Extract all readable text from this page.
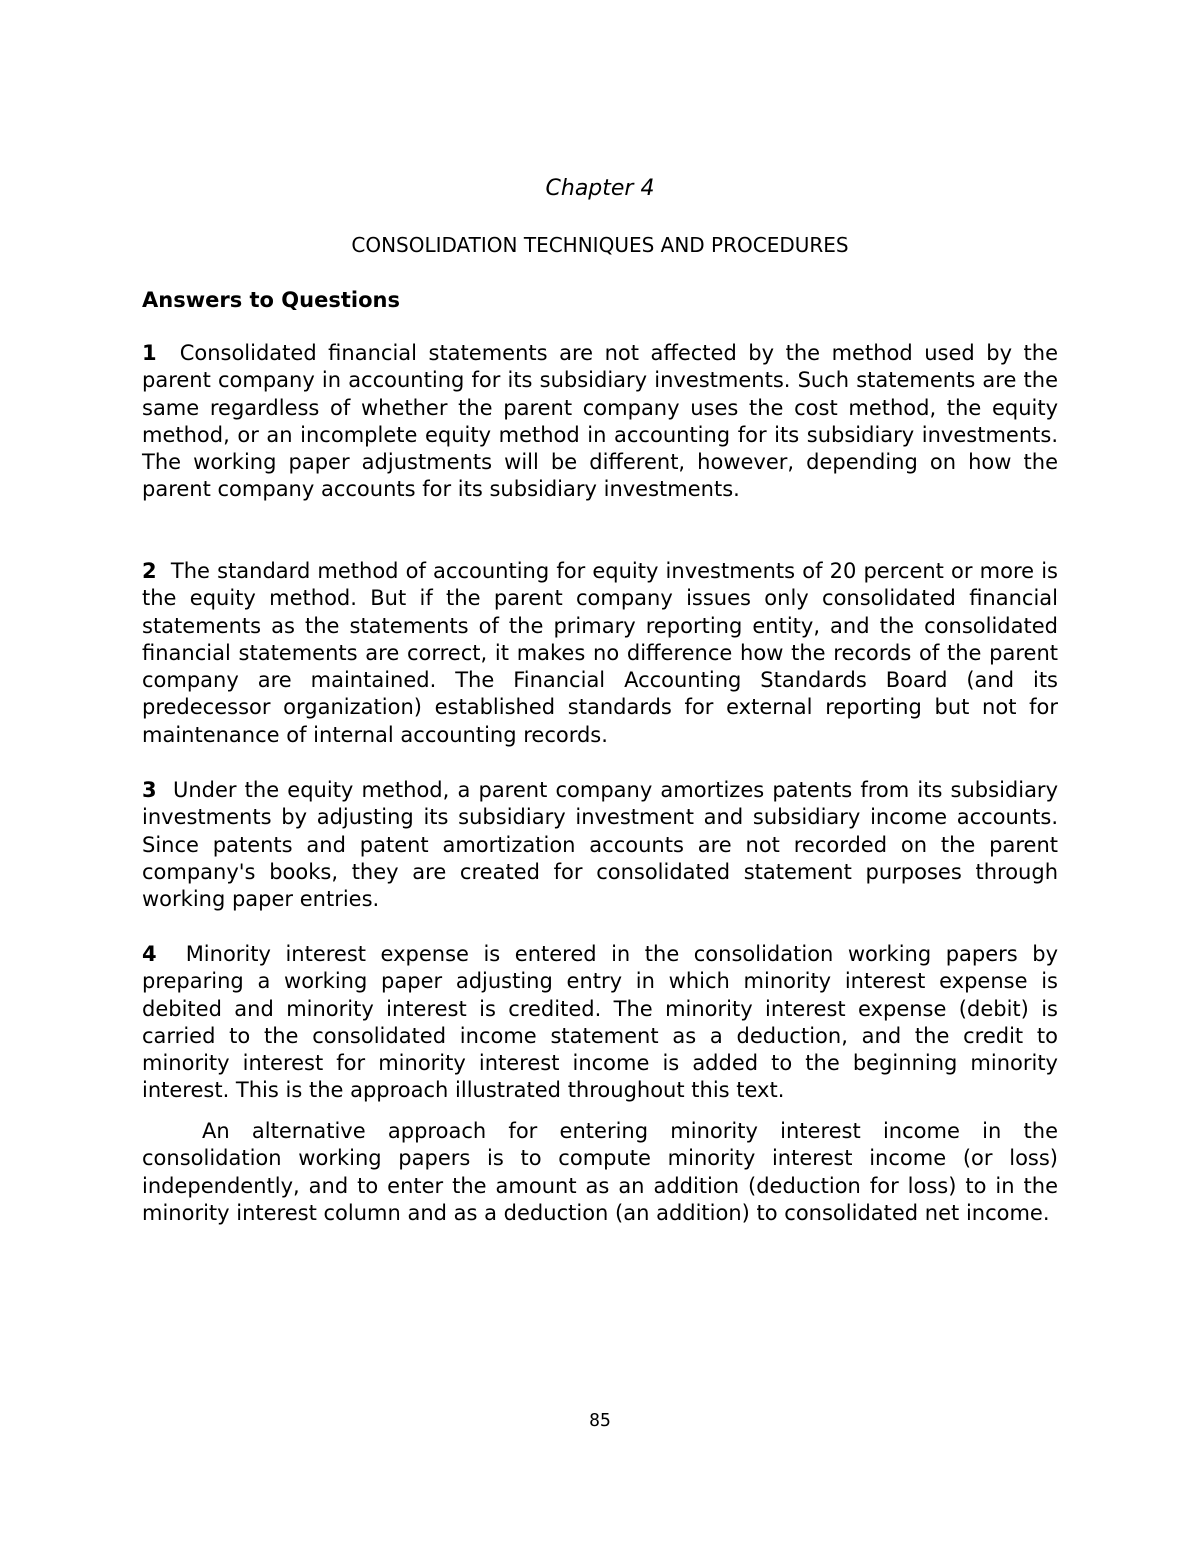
Chapter 4
CONSOLIDATION TECHNIQUES AND PROCEDURES
Answers to Questions

1 Consolidated financial statements are not affected by the method used by the parent company in accounting for its subsidiary investments. Such statements are the same regardless of whether the parent company uses the cost method, the equity method, or an incomplete equity method in accounting for its subsidiary investments. The working paper adjustments will be different, however, depending on how the parent company accounts for its subsidiary investments.

2 The standard method of accounting for equity investments of 20 percent or more is the equity method. But if the parent company issues only consolidated financial statements as the statements of the primary reporting entity, and the consolidated financial statements are correct, it makes no difference how the records of the parent company are maintained. The Financial Accounting Standards Board (and its predecessor organization) established standards for external reporting but not for maintenance of internal accounting records.

3 Under the equity method, a parent company amortizes patents from its subsidiary investments by adjusting its subsidiary investment and subsidiary income accounts. Since patents and patent amortization accounts are not recorded on the parent company's books, they are created for consolidated statement purposes through working paper entries.

4 Minority interest expense is entered in the consolidation working papers by preparing a working paper adjusting entry in which minority interest expense is debited and minority interest is credited. The minority interest expense (debit) is carried to the consolidated income statement as a deduction, and the credit to minority interest for minority interest income is added to the beginning minority interest. This is the approach illustrated throughout this text.

An alternative approach for entering minority interest income in the consolidation working papers is to compute minority interest income (or loss) independently, and to enter the amount as an addition (deduction for loss) to in the minority interest column and as a deduction (an addition) to consolidated net income.

85
